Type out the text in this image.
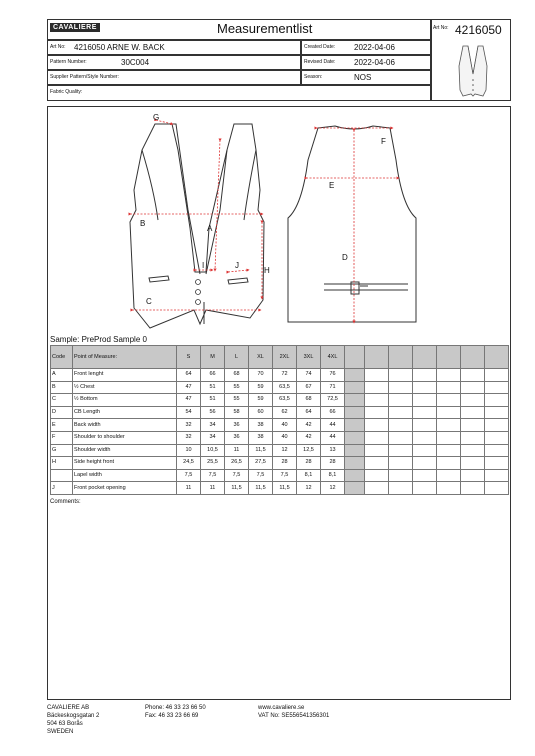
CAVALIERE	Measurementlist	Art No: 4216050
Art No: 4216050 ARNE W. BACK
Pattern Number:	30C004
Supplier Pattern/Style Number:
Fabric Quality:
Created Date: 2022-04-06
Revised Date: 2022-04-06
Season:	NOS
G
A
B
I	J
H
C
F
E
D
Sample: PreProd Sample 0
Code	Point of Measure:	S	M	L	XL	2XL	3XL	4XL							
A	Front lenght	64	66	68	70	72	74	76							
B	½ Chest	47	51	55	59	63,5	67	71							
C	½ Bottom	47	51	55	59	63,5	68	72,5							
D	CB Length	54	56	58	60	62	64	66							
E	Back width	32	34	36	38	40	42	44							
F	Shoulder to shoulder	32	34	36	38	40	42	44							
G	Shoulder width	10	10,5	11	11,5	12	12,5	13							
H	Side height front	24,5	25,5	26,5	27,5	28	28	28							
	Lapel width	7,5	7,5	7,5	7,5	7,5	8,1	8,1							
J	Front pocket opening	11	11	11,5	11,5	11,5	12	12							
Comments:
CAVALIERE AB
Bäckeskogsgatan 2
504 63 Borås
SWEDEN
Phone: 46 33 23 66 50
Fax: 46 33 23 66 69
www.cavaliere.se
VAT No: SE556541356301
